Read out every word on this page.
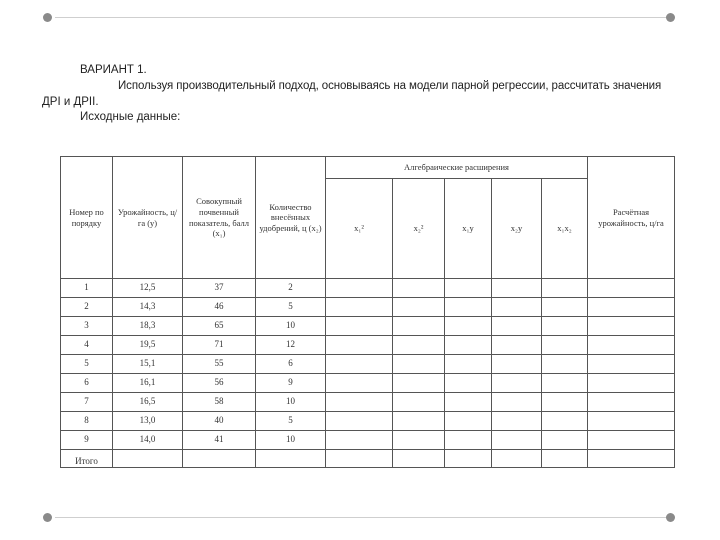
ВАРИАНТ 1.
Используя производительный подход, основываясь на модели парной регрессии, рассчитать значения
ДРI и ДРII.
Исходные данные:
Номер по порядку	Урожайность, ц/га (y)	Совокупный почвенный показатель, балл (x₁)	Количество внесённых удобрений, ц (x₂)	Алгебраические расширения					Расчётная урожайность, ц/га
				x₁²	x₂²	x₁y	x₂y	x₁x₂	
1	12,5	37	2						
2	14,3	46	5						
3	18,3	65	10						
4	19,5	71	12						
5	15,1	55	6						
6	16,1	56	9						
7	16,5	58	10						
8	13,0	40	5						
9	14,0	41	10						
Итого									
